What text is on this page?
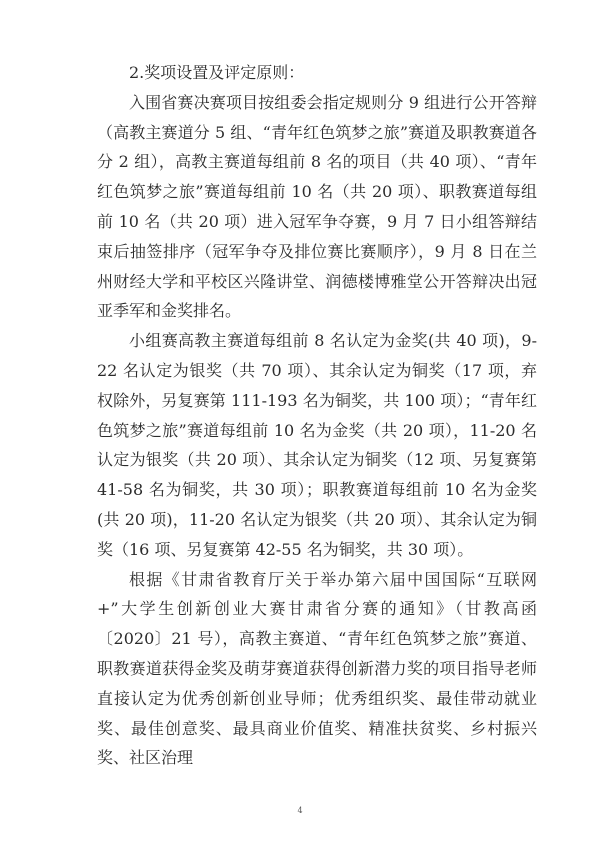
2.奖项设置及评定原则：

入围省赛决赛项目按组委会指定规则分 9 组进行公开答辩（高教主赛道分 5 组、“青年红色筑梦之旅”赛道及职教赛道各分 2 组），高教主赛道每组前 8 名的项目（共 40 项）、“青年红色筑梦之旅”赛道每组前 10 名（共 20 项）、职教赛道每组前 10 名（共 20 项）进入冠军争夺赛，9 月 7 日小组答辩结束后抽签排序（冠军争夺及排位赛比赛顺序），9 月 8 日在兰州财经大学和平校区兴隆讲堂、润德楼博雅堂公开答辩决出冠亚季军和金奖排名。

小组赛高教主赛道每组前 8 名认定为金奖(共 40 项)，9-22 名认定为银奖（共 70 项）、其余认定为铜奖（17 项，弃权除外，另复赛第 111-193 名为铜奖，共 100 项）；“青年红色筑梦之旅”赛道每组前 10 名为金奖（共 20 项），11-20 名认定为银奖（共 20 项）、其余认定为铜奖（12 项、另复赛第 41-58 名为铜奖，共 30 项）；职教赛道每组前 10 名为金奖(共 20 项)，11-20 名认定为银奖（共 20 项）、其余认定为铜奖（16 项、另复赛第 42-55 名为铜奖，共 30 项）。

根据《甘肃省教育厅关于举办第六届中国国际“互联网+”大学生创新创业大赛甘肃省分赛的通知》（甘教高函〔2020〕21 号），高教主赛道、“青年红色筑梦之旅”赛道、职教赛道获得金奖及萌芽赛道获得创新潜力奖的项目指导老师直接认定为优秀创新创业导师；优秀组织奖、最佳带动就业奖、最佳创意奖、最具商业价值奖、精准扶贫奖、乡村振兴奖、社区治理

4
